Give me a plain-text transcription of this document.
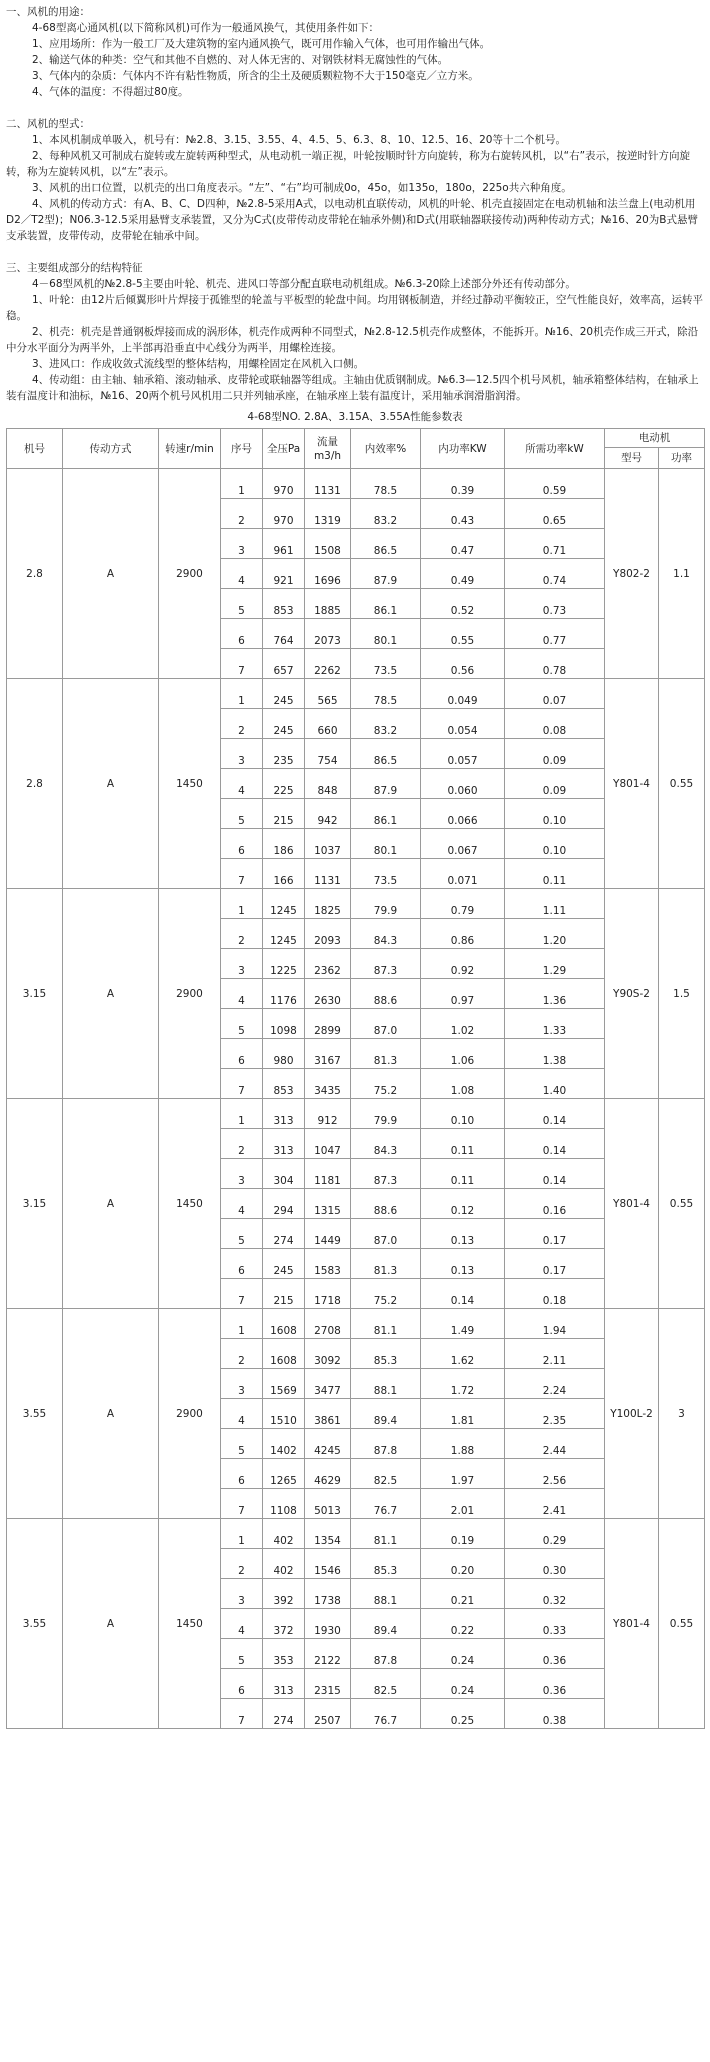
一、风机的用途：

4-68型离心通风机(以下简称风机)可作为一般通风换气，其使用条件如下：

1、应用场所：作为一般工厂及大建筑物的室内通风换气，既可用作输入气体，也可用作输出气体。

2、输送气体的种类：空气和其他不自燃的、对人体无害的、对钢铁材料无腐蚀性的气体。

3、气体内的杂质：气体内不许有粘性物质，所含的尘土及硬质颗粒物不大于150毫克／立方米。

4、气体的温度：不得超过80度。

二、风机的型式：

1、本风机制成单吸入，机号有：№2.8、3.15、3.55、4、4.5、5、6.3、8、10、12.5、16、20等十二个机号。

2、每种风机又可制成右旋转或左旋转两种型式，从电动机一端正视，叶轮按顺时针方向旋转，称为右旋转风机，以“右”表示，按逆时针方向旋转，称为左旋转风机，以“左”表示。

3、风机的出口位置，以机壳的出口角度表示。“左”、“右”均可制成0o，45o，如135o，180o，225o共六种角度。

4、风机的传动方式：有A、B、C、D四种，№2.8-5采用A式，以电动机直联传动，风机的叶轮、机壳直接固定在电动机轴和法兰盘上(电动机用D2／T2型)；N06.3-12.5采用悬臂支承装置，又分为C式(皮带传动皮带轮在轴承外侧)和D式(用联轴器联接传动)两种传动方式；№16、20为B式悬臂支承装置，皮带传动，皮带轮在轴承中间。

三、主要组成部分的结构特征

4－68型风机的№2.8-5主要由叶轮、机壳、进风口等部分配直联电动机组成。№6.3-20除上述部分外还有传动部分。

1、叶轮：由12片后倾翼形叶片焊接于孤锥型的轮盖与平板型的轮盘中间。均用钢板制造，并经过静动平衡较正，空气性能良好，效率高，运转平稳。

2、机壳：机壳是普通钢板焊接而成的涡形体，机壳作成两种不同型式，№2.8-12.5机壳作成整体，不能拆开。№16、20机壳作成三开式，除沿中分水平面分为两半外，上半部再沿垂直中心线分为两半，用螺栓连接。

3、进风口：作成收敛式流线型的整体结构，用螺栓固定在风机入口侧。

4、传动组：由主轴、轴承箱、滚动轴承、皮带轮或联轴器等组成。主轴由优质钢制成。№6.3—12.5四个机号风机，轴承箱整体结构，在轴承上装有温度计和油标，№16、20两个机号风机用二只并列轴承座，在轴承座上装有温度计，采用轴承润滑脂润滑。

4-68型NO. 2.8A、3.15A、3.55A性能参数表

机号	传动方式	转速r/min	序号	全压Pa	流量
m3/h	内效率%	内功率KW	所需功率kW	电动机	
									型号	功率
2.8	A	2900	1	970	1131	78.5	0.39	0.59	Y802-2	1.1
			2	970	1319	83.2	0.43	0.65		
			3	961	1508	86.5	0.47	0.71		
			4	921	1696	87.9	0.49	0.74		
			5	853	1885	86.1	0.52	0.73		
			6	764	2073	80.1	0.55	0.77		
			7	657	2262	73.5	0.56	0.78		
2.8	A	1450	1	245	565	78.5	0.049	0.07	Y801-4	0.55
			2	245	660	83.2	0.054	0.08		
			3	235	754	86.5	0.057	0.09		
			4	225	848	87.9	0.060	0.09		
			5	215	942	86.1	0.066	0.10		
			6	186	1037	80.1	0.067	0.10		
			7	166	1131	73.5	0.071	0.11		
3.15	A	2900	1	1245	1825	79.9	0.79	1.11	Y90S-2	1.5
			2	1245	2093	84.3	0.86	1.20		
			3	1225	2362	87.3	0.92	1.29		
			4	1176	2630	88.6	0.97	1.36		
			5	1098	2899	87.0	1.02	1.33		
			6	980	3167	81.3	1.06	1.38		
			7	853	3435	75.2	1.08	1.40		
3.15	A	1450	1	313	912	79.9	0.10	0.14	Y801-4	0.55
			2	313	1047	84.3	0.11	0.14		
			3	304	1181	87.3	0.11	0.14		
			4	294	1315	88.6	0.12	0.16		
			5	274	1449	87.0	0.13	0.17		
			6	245	1583	81.3	0.13	0.17		
			7	215	1718	75.2	0.14	0.18		
3.55	A	2900	1	1608	2708	81.1	1.49	1.94	Y100L-2	3
			2	1608	3092	85.3	1.62	2.11		
			3	1569	3477	88.1	1.72	2.24		
			4	1510	3861	89.4	1.81	2.35		
			5	1402	4245	87.8	1.88	2.44		
			6	1265	4629	82.5	1.97	2.56		
			7	1108	5013	76.7	2.01	2.41		
3.55	A	1450	1	402	1354	81.1	0.19	0.29	Y801-4	0.55
			2	402	1546	85.3	0.20	0.30		
			3	392	1738	88.1	0.21	0.32		
			4	372	1930	89.4	0.22	0.33		
			5	353	2122	87.8	0.24	0.36		
			6	313	2315	82.5	0.24	0.36		
			7	274	2507	76.7	0.25	0.38		
